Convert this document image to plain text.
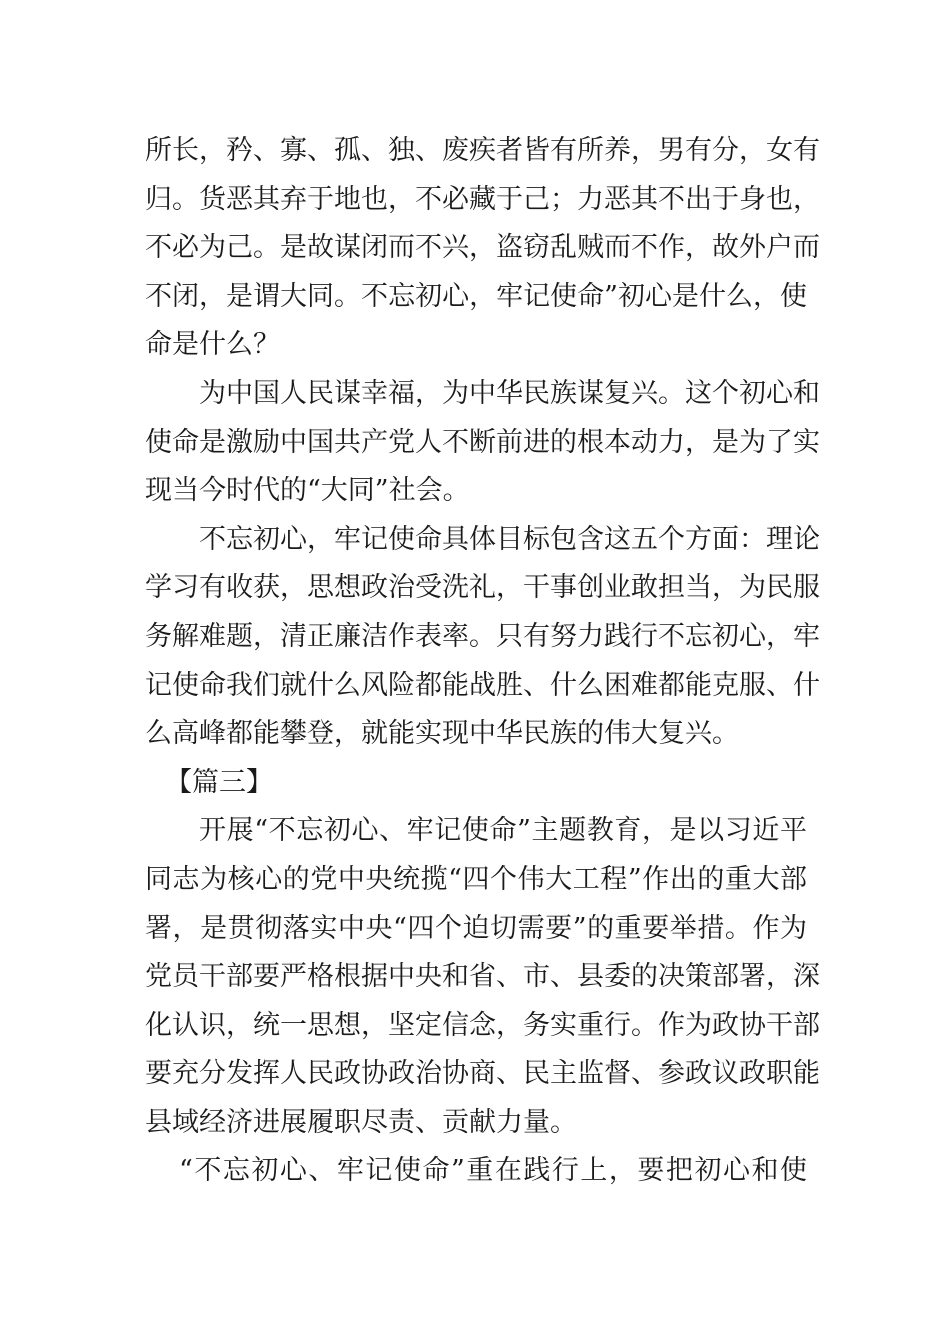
所长，矜、寡、孤、独、废疾者皆有所养，男有分，女有
归。货恶其弃于地也，不必藏于己；力恶其不出于身也，
不必为己。是故谋闭而不兴，盗窃乱贼而不作，故外户而
不闭，是谓大同。不忘初心，牢记使命”初心是什么，使
命是什么？
为中国人民谋幸福，为中华民族谋复兴。这个初心和
使命是激励中国共产党人不断前进的根本动力，是为了实
现当今时代的“大同”社会。
不忘初心，牢记使命具体目标包含这五个方面：理论
学习有收获，思想政治受洗礼，干事创业敢担当，为民服
务解难题，清正廉洁作表率。只有努力践行不忘初心，牢
记使命我们就什么风险都能战胜、什么困难都能克服、什
么高峰都能攀登，就能实现中华民族的伟大复兴。
【篇三】
开展“不忘初心、牢记使命”主题教育，是以习近平
同志为核心的党中央统揽“四个伟大工程”作出的重大部
署，是贯彻落实中央“四个迫切需要”的重要举措。作为
党员干部要严格根据中央和省、市、县委的决策部署，深
化认识，统一思想，坚定信念，务实重行。作为政协干部
要充分发挥人民政协政治协商、民主监督、参政议政职能
县域经济进展履职尽责、贡献力量。
“不忘初心、牢记使命”重在践行上，要把初心和使
